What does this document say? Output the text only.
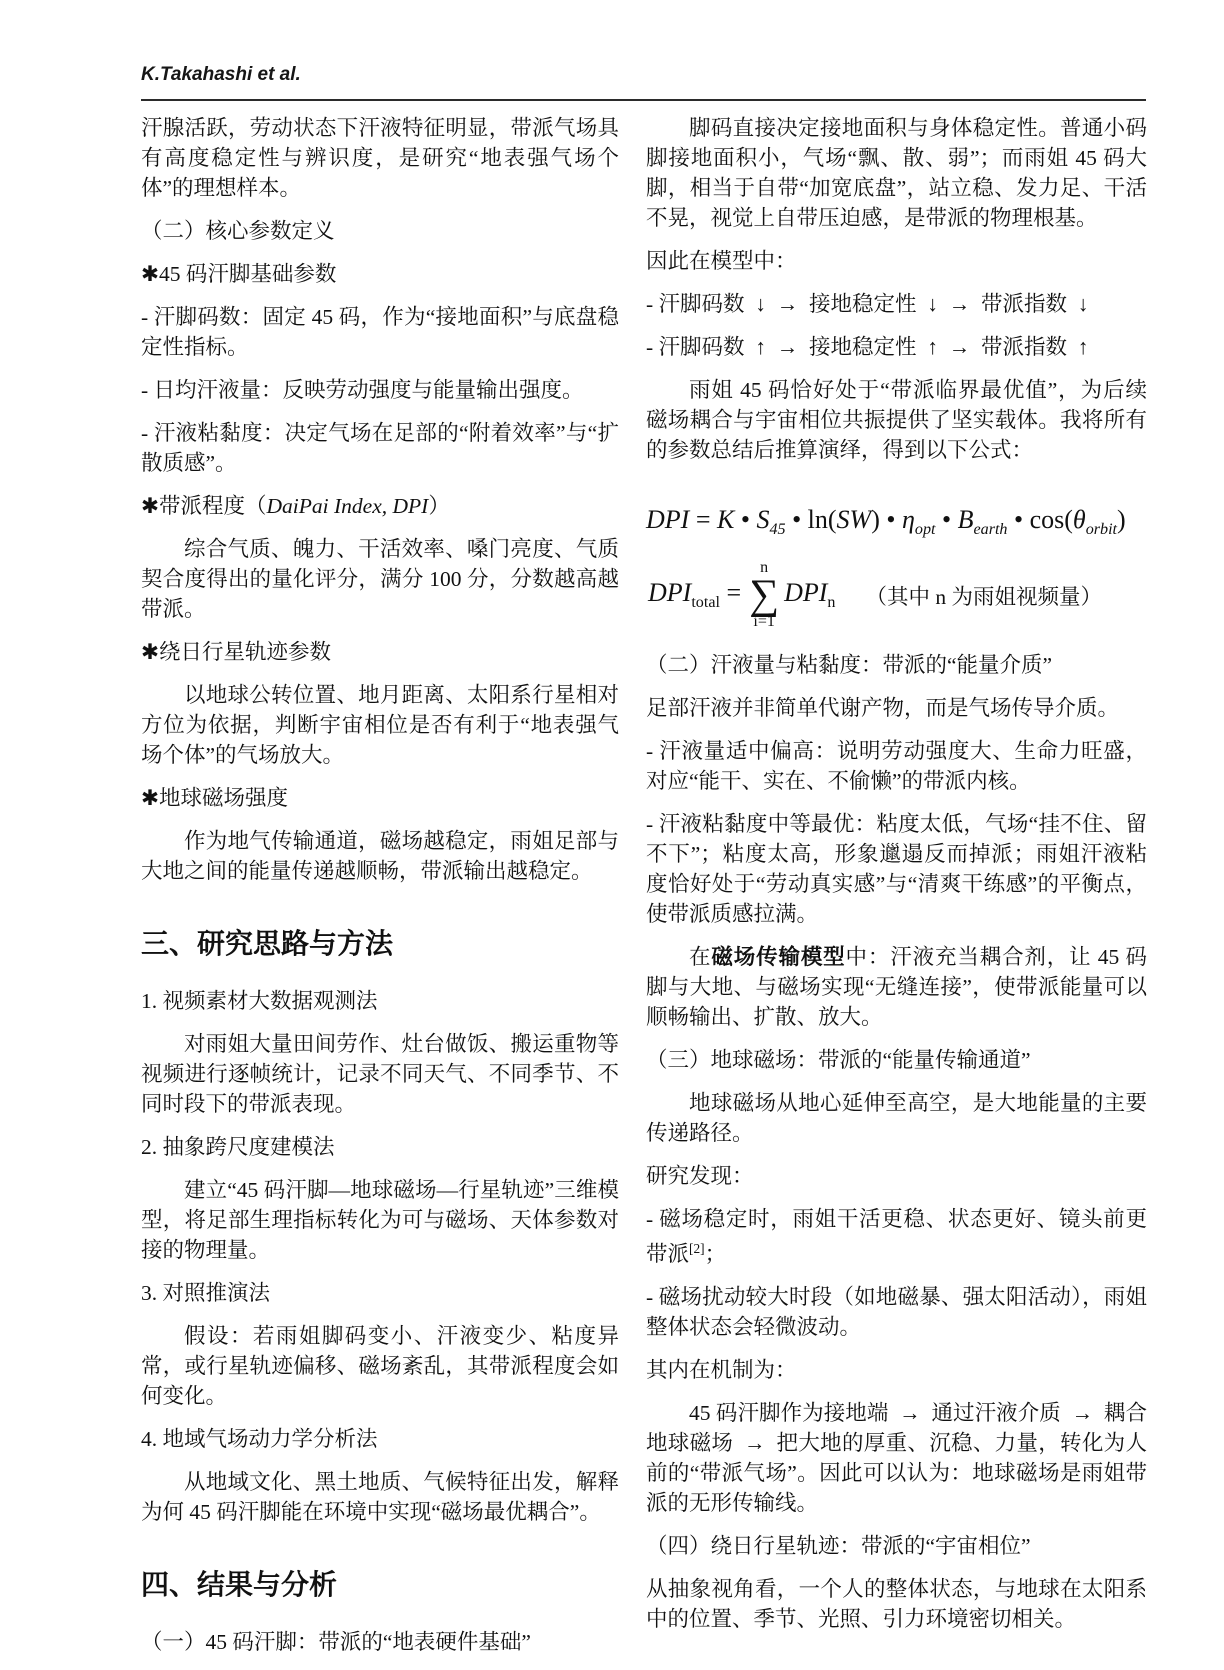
K.Takahashi et al.
汗腺活跃，劳动状态下汗液特征明显，带派气场具有高度稳定性与辨识度，是研究“地表强气场个体”的理想样本。
（二）核心参数定义
✱45 码汗脚基础参数
- 汗脚码数：固定 45 码，作为“接地面积”与底盘稳定性指标。
- 日均汗液量：反映劳动强度与能量输出强度。
- 汗液粘黏度：决定气场在足部的“附着效率”与“扩散质感”。
✱带派程度（DaiPai Index, DPI）
综合气质、魄力、干活效率、嗓门亮度、气质契合度得出的量化评分，满分 100 分，分数越高越带派。
✱绕日行星轨迹参数
以地球公转位置、地月距离、太阳系行星相对方位为依据，判断宇宙相位是否有利于“地表强气场个体”的气场放大。
✱地球磁场强度
作为地气传输通道，磁场越稳定，雨姐足部与大地之间的能量传递越顺畅，带派输出越稳定。
三、研究思路与方法
1. 视频素材大数据观测法
对雨姐大量田间劳作、灶台做饭、搬运重物等视频进行逐帧统计，记录不同天气、不同季节、不同时段下的带派表现。
2. 抽象跨尺度建模法
建立“45 码汗脚—地球磁场—行星轨迹”三维模型，将足部生理指标转化为可与磁场、天体参数对接的物理量。
3. 对照推演法
假设：若雨姐脚码变小、汗液变少、粘度异常，或行星轨迹偏移、磁场紊乱，其带派程度会如何变化。
4. 地域气场动力学分析法
从地域文化、黑土地质、气候特征出发，解释为何 45 码汗脚能在环境中实现“磁场最优耦合”。
四、结果与分析
（一）45 码汗脚：带派的“地表硬件基础”
脚码直接决定接地面积与身体稳定性。普通小码脚接地面积小，气场“飘、散、弱”；而雨姐 45 码大脚，相当于自带“加宽底盘”，站立稳、发力足、干活不晃，视觉上自带压迫感，是带派的物理根基。
因此在模型中：
- 汗脚码数 ↓ → 接地稳定性 ↓ → 带派指数 ↓
- 汗脚码数 ↑ → 接地稳定性 ↑ → 带派指数 ↑
雨姐 45 码恰好处于“带派临界最优值”，为后续磁场耦合与宇宙相位共振提供了坚实载体。我将所有的参数总结后推算演绎，得到以下公式：
DPI = K • $S_{45}$ • ln(SW) • $\eta_{opt}$ • $B_{earth}$ • $\cos(\theta_{orbit})$
$DPI_{total}$ =
n
∑
i=1
$DPI_n$ （其中 n 为雨姐视频量）
（二）汗液量与粘黏度：带派的“能量介质”
足部汗液并非简单代谢产物，而是气场传导介质。
- 汗液量适中偏高：说明劳动强度大、生命力旺盛，对应“能干、实在、不偷懒”的带派内核。
- 汗液粘黏度中等最优：粘度太低，气场“挂不住、留不下”；粘度太高，形象邋遢反而掉派；雨姐汗液粘度恰好处于“劳动真实感”与“清爽干练感”的平衡点，使带派质感拉满。
在磁场传输模型中：汗液充当耦合剂，让 45 码脚与大地、与磁场实现“无缝连接”，使带派能量可以顺畅输出、扩散、放大。
（三）地球磁场：带派的“能量传输通道”
地球磁场从地心延伸至高空，是大地能量的主要传递路径。
研究发现：
- 磁场稳定时，雨姐干活更稳、状态更好、镜头前更带派[2]；
- 磁场扰动较大时段（如地磁暴、强太阳活动），雨姐整体状态会轻微波动。
其内在机制为：
45 码汗脚作为接地端 → 通过汗液介质 → 耦合地球磁场 → 把大地的厚重、沉稳、力量，转化为人前的“带派气场”。因此可以认为：地球磁场是雨姐带派的无形传输线。
（四）绕日行星轨迹：带派的“宇宙相位”
从抽象视角看，一个人的整体状态，与地球在太阳系中的位置、季节、光照、引力环境密切相关。
